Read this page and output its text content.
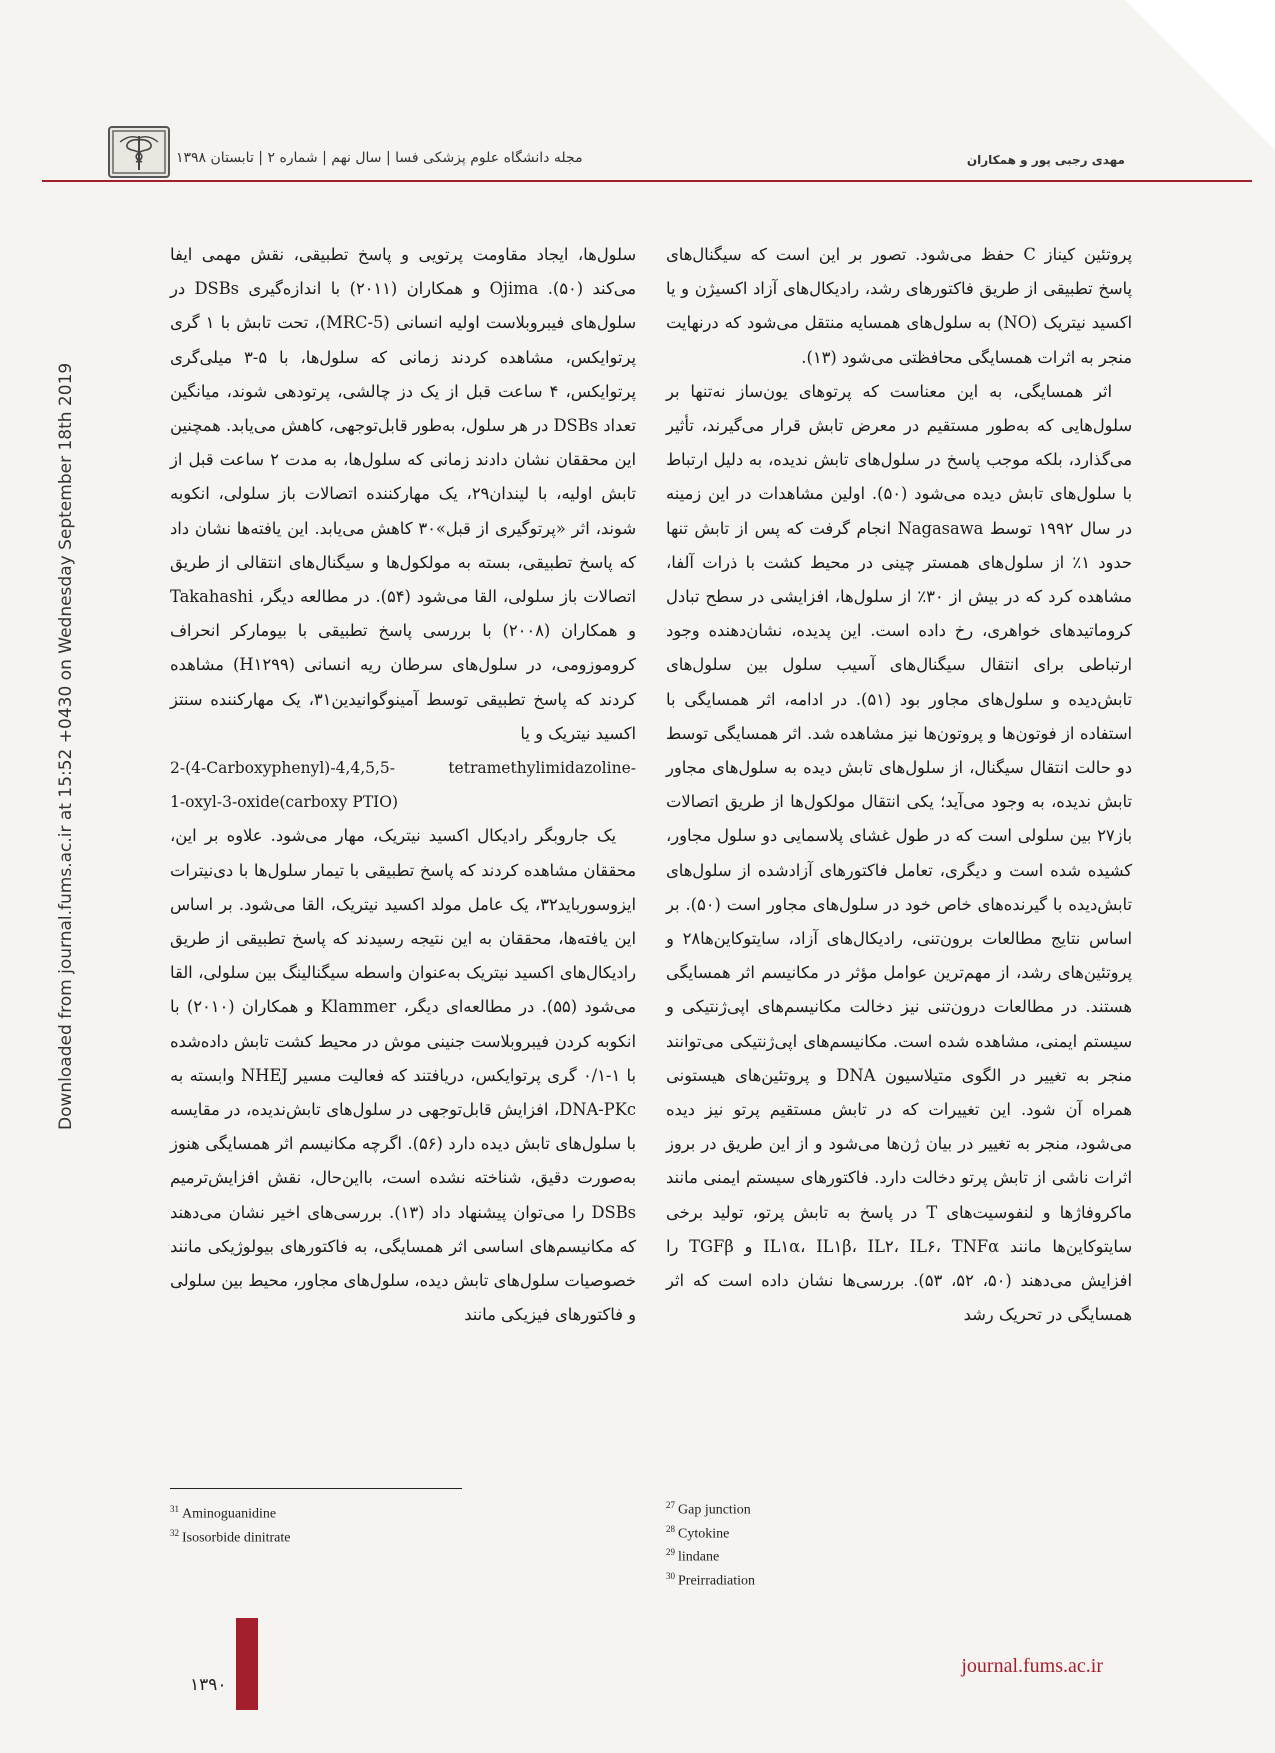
مجله دانشگاه علوم پزشکی فسا | سال نهم | شماره ۲ | تابستان ۱۳۹۸	مهدی رجبی پور و همکاران
Downloaded from journal.fums.ac.ir at 15:52 +0430 on Wednesday September 18th 2019

پروتئین کیناز C حفظ می‌شود. تصور بر این است که سیگنال‌های پاسخ تطبیقی از طریق فاکتورهای رشد، رادیکال‌های آزاد اکسیژن و یا اکسید نیتریک (NO) به سلول‌های همسایه منتقل می‌شود که درنهایت منجر به اثرات همسایگی محافظتی می‌شود (۱۳).

اثر همسایگی، به این معناست که پرتوهای یون‌ساز نه‌تنها بر سلول‌هایی که به‌طور مستقیم در معرض تابش قرار می‌گیرند، تأثیر می‌گذارد، بلکه موجب پاسخ در سلول‌های تابش ندیده، به دلیل ارتباط با سلول‌های تابش دیده می‌شود (۵۰). اولین مشاهدات در این زمینه در سال ۱۹۹۲ توسط Nagasawa انجام گرفت که پس از تابش تنها حدود ۱٪ از سلول‌های همستر چینی در محیط کشت با ذرات آلفا، مشاهده کرد که در بیش از ۳۰٪ از سلول‌ها، افزایشی در سطح تبادل کروماتیدهای خواهری، رخ داده است. این پدیده، نشان‌دهنده وجود ارتباطی برای انتقال سیگنال‌های آسیب سلول بین سلول‌های تابش‌دیده و سلول‌های مجاور بود (۵۱). در ادامه، اثر همسایگی با استفاده از فوتون‌ها و پروتون‌ها نیز مشاهده شد. اثر همسایگی توسط دو حالت انتقال سیگنال، از سلول‌های تابش دیده به سلول‌های مجاور تابش ندیده، به وجود می‌آید؛ یکی انتقال مولکول‌ها از طریق اتصالات باز۲۷ بین سلولی است که در طول غشای پلاسمایی دو سلول مجاور، کشیده شده است و دیگری، تعامل فاکتورهای آزادشده از سلول‌های تابش‌دیده با گیرنده‌های خاص خود در سلول‌های مجاور است (۵۰). بر اساس نتایج مطالعات برون‌تنی، رادیکال‌های آزاد، سایتوکاین‌ها۲۸ و پروتئین‌های رشد، از مهم‌ترین عوامل مؤثر در مکانیسم اثر همسایگی هستند. در مطالعات درون‌تنی نیز دخالت مکانیسم‌های اپی‌ژنتیکی و سیستم ایمنی، مشاهده شده است. مکانیسم‌های اپی‌ژنتیکی می‌توانند منجر به تغییر در الگوی متیلاسیون DNA و پروتئین‌های هیستونی همراه آن شود. این تغییرات که در تابش مستقیم پرتو نیز دیده می‌شود، منجر به تغییر در بیان ژن‌ها می‌شود و از این طریق در بروز اثرات ناشی از تابش پرتو دخالت دارد. فاکتورهای سیستم ایمنی مانند ماکروفاژها و لنفوسیت‌های T در پاسخ به تابش پرتو، تولید برخی سایتوکاین‌ها مانند IL۱α، IL۱β، IL۲، IL۶، TNFα و TGFβ را افزایش می‌دهند (۵۰، ۵۲، ۵۳). بررسی‌ها نشان داده است که اثر همسایگی در تحریک رشد

سلول‌ها، ایجاد مقاومت پرتویی و پاسخ تطبیقی، نقش مهمی ایفا می‌کند (۵۰). Ojima و همکاران (۲۰۱۱) با اندازه‌گیری DSBs در سلول‌های فیبروبلاست اولیه انسانی (MRC-5)، تحت تابش با ۱ گری پرتوایکس، مشاهده کردند زمانی که سلول‌ها، با ۵-۳ میلی‌گری پرتوایکس، ۴ ساعت قبل از یک دز چالشی، پرتودهی شوند، میانگین تعداد DSBs در هر سلول، به‌طور قابل‌توجهی، کاهش می‌یابد. همچنین این محققان نشان دادند زمانی که سلول‌ها، به مدت ۲ ساعت قبل از تابش اولیه، با لیندان۲۹، یک مهارکننده اتصالات باز سلولی، انکوبه شوند، اثر «پرتوگیری از قبل»۳۰ کاهش می‌یابد. این یافته‌ها نشان داد که پاسخ تطبیقی، بسته به مولکول‌ها و سیگنال‌های انتقالی از طریق اتصالات باز سلولی، القا می‌شود (۵۴). در مطالعه دیگر، Takahashi و همکاران (۲۰۰۸) با بررسی پاسخ تطبیقی با بیومارکر انحراف کروموزومی، در سلول‌های سرطان ریه انسانی (H۱۲۹۹) مشاهده کردند که پاسخ تطبیقی توسط آمینوگوانیدین۳۱، یک مهارکننده سنتز اکسید نیتریک و یا

2-(4-Carboxyphenyl)-4,4,5,5- tetramethylimidazoline-
1-oxyl-3-oxide(carboxy PTIO)

یک جاروبگر رادیکال اکسید نیتریک، مهار می‌شود. علاوه بر این، محققان مشاهده کردند که پاسخ تطبیقی با تیمار سلول‌ها با دی‌نیترات ایزوسورباید۳۲، یک عامل مولد اکسید نیتریک، القا می‌شود. بر اساس این یافته‌ها، محققان به این نتیجه رسیدند که پاسخ تطبیقی از طریق رادیکال‌های اکسید نیتریک به‌عنوان واسطه سیگنالینگ بین سلولی، القا می‌شود (۵۵). در مطالعه‌ای دیگر، Klammer و همکاران (۲۰۱۰) با انکوبه کردن فیبروبلاست جنینی موش در محیط کشت تابش داده‌شده با ۱-۰/۱ گری پرتوایکس، دریافتند که فعالیت مسیر NHEJ وابسته به DNA-PKc، افزایش قابل‌توجهی در سلول‌های تابش‌ندیده، در مقایسه با سلول‌های تابش دیده دارد (۵۶). اگرچه مکانیسم اثر همسایگی هنوز به‌صورت دقیق، شناخته نشده است، بااین‌حال، نقش افزایش‌ترمیم DSBs را می‌توان پیشنهاد داد (۱۳). بررسی‌های اخیر نشان می‌دهند که مکانیسم‌های اساسی اثر همسایگی، به فاکتورهای بیولوژیکی مانند خصوصیات سلول‌های تابش دیده، سلول‌های مجاور، محیط بین سلولی و فاکتورهای فیزیکی مانند

$^{31}$ Aminoguanidine
$^{32}$ Isosorbide dinitrate
$^{27}$ Gap junction
$^{28}$ Cytokine
$^{29}$ lindane
$^{30}$ Preirradiation
۱۳۹۰
journal.fums.ac.ir
